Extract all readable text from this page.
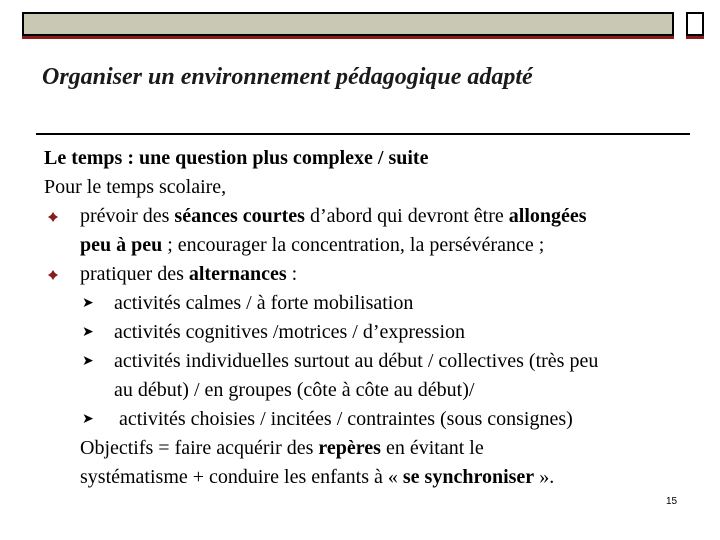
Organiser un environnement pédagogique adapté
Le temps : une question plus complexe / suite
Pour le temps scolaire,
prévoir des séances courtes d’abord qui devront être allongées
peu à peu ; encourager la concentration, la persévérance ;
pratiquer des alternances :
➤ activités calmes / à forte mobilisation
➤ activités cognitives /motrices / d’expression
➤ activités individuelles surtout au début / collectives (très peu
au début) / en groupes (côte à côte au début)/
➤ activités choisies / incitées / contraintes (sous consignes)
Objectifs = faire acquérir des repères en évitant le
systématisme + conduire les enfants à « se synchroniser ».
15
